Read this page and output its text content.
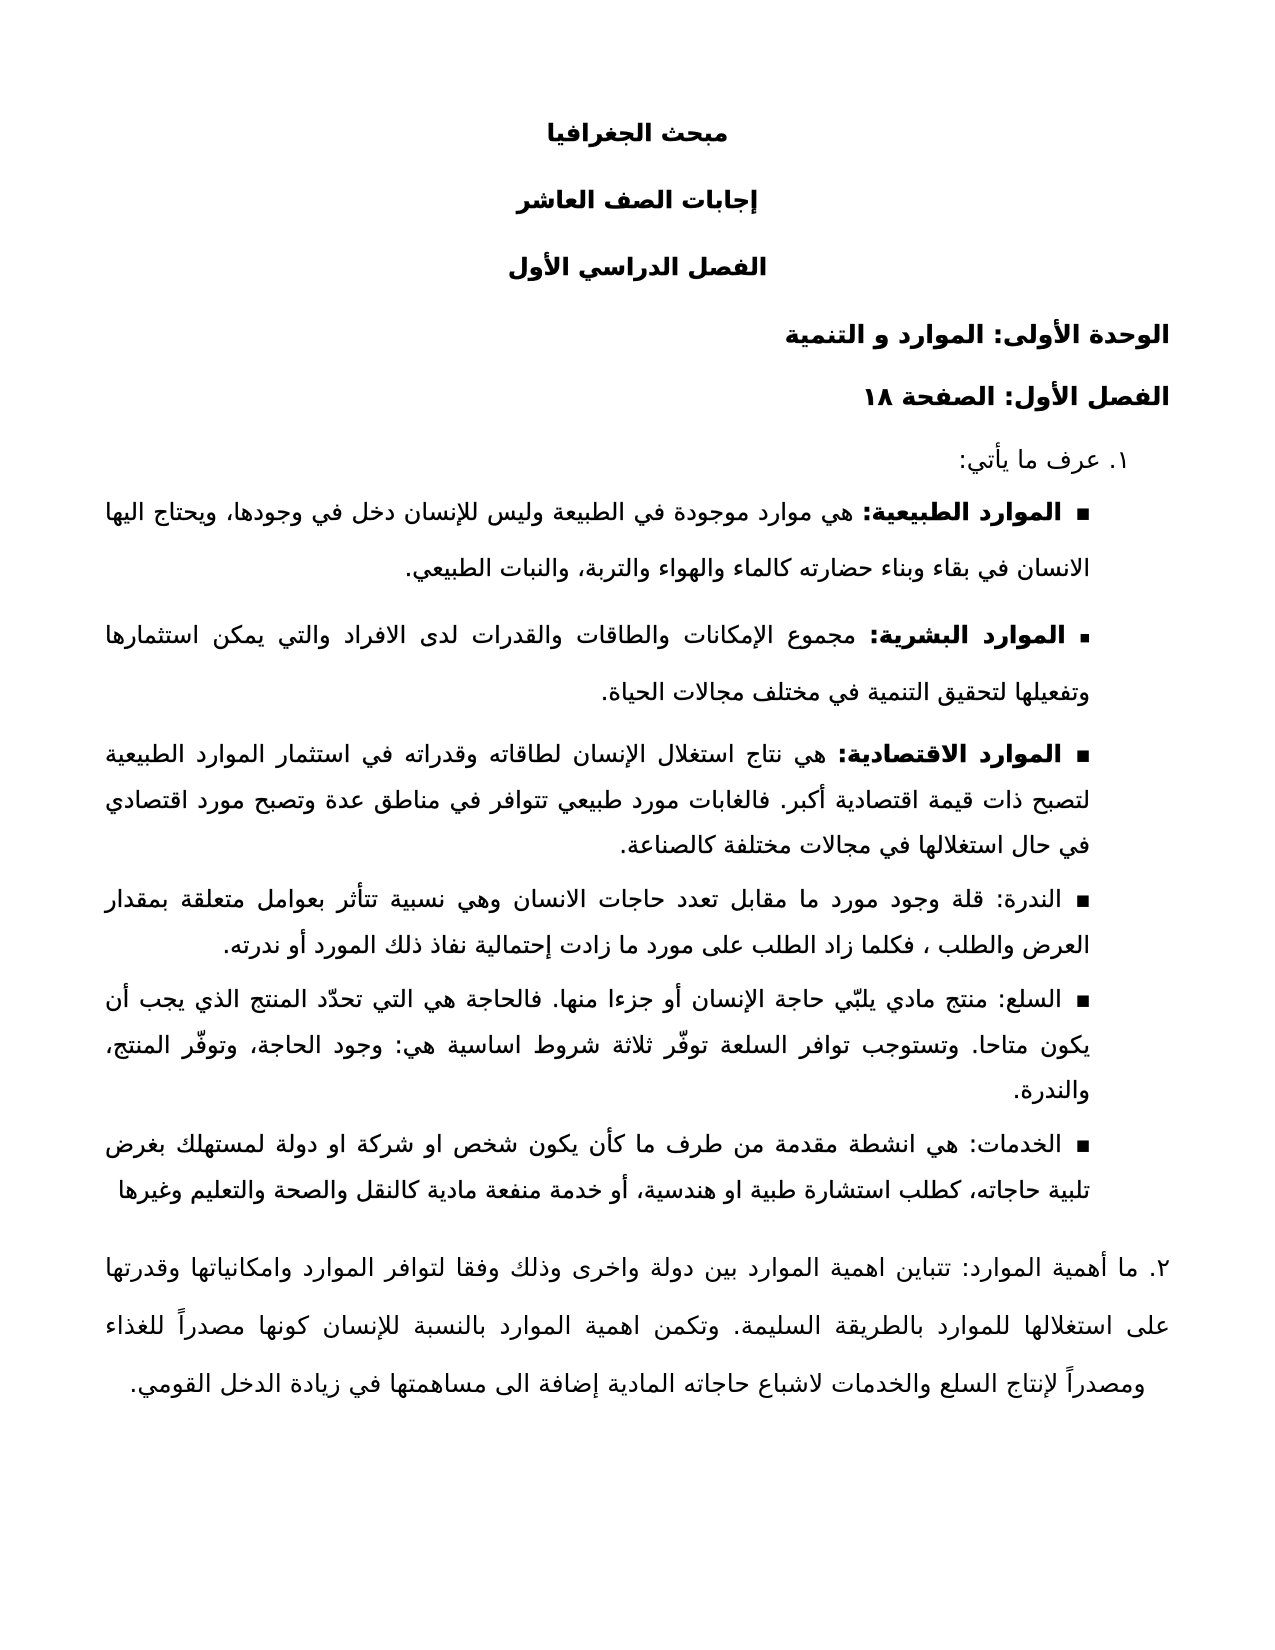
مبحث الجغرافيا
إجابات الصف العاشر
الفصل الدراسي الأول
الوحدة الأولى: الموارد و التنمية
الفصل الأول: الصفحة ١٨
١. عرف ما يأتي:
■الموارد الطبيعية: هي موارد موجودة في الطبيعة وليس للإنسان دخل في وجودها، ويحتاج اليها الانسان في بقاء وبناء حضارته كالماء والهواء والتربة، والنبات الطبيعي.
■الموارد البشرية: مجموع الإمكانات والطاقات والقدرات لدى الافراد والتي يمكن استثمارها وتفعيلها لتحقيق التنمية في مختلف مجالات الحياة.
■الموارد الاقتصادية: هي نتاج استغلال الإنسان لطاقاته وقدراته في استثمار الموارد الطبيعية لتصبح ذات قيمة اقتصادية أكبر. فالغابات مورد طبيعي تتوافر في مناطق عدة وتصبح مورد اقتصادي في حال استغلالها في مجالات مختلفة كالصناعة.
■الندرة: قلة وجود مورد ما مقابل تعدد حاجات الانسان وهي نسبية تتأثر بعوامل متعلقة بمقدار العرض والطلب ، فكلما زاد الطلب على مورد ما زادت إحتمالية نفاذ ذلك المورد أو ندرته.
■السلع: منتج مادي يلبّي حاجة الإنسان أو جزءا منها. فالحاجة هي التي تحدّد المنتج الذي يجب أن يكون متاحا. وتستوجب توافر السلعة توفّر ثلاثة شروط اساسية هي: وجود الحاجة، وتوفّر المنتج، والندرة.
■الخدمات: هي انشطة مقدمة من طرف ما كأن يكون شخص او شركة او دولة لمستهلك بغرض تلبية حاجاته، كطلب استشارة طبية او هندسية، أو خدمة منفعة مادية كالنقل والصحة والتعليم وغيرها
٢. ما أهمية الموارد: تتباين اهمية الموارد بين دولة واخرى وذلك وفقا لتوافر الموارد وامكانياتها وقدرتها على استغلالها للموارد بالطريقة السليمة. وتكمن اهمية الموارد بالنسبة للإنسان كونها مصدراً للغذاء ومصدراً لإنتاج السلع والخدمات لاشباع حاجاته المادية إضافة الى مساهمتها في زيادة الدخل القومي.
